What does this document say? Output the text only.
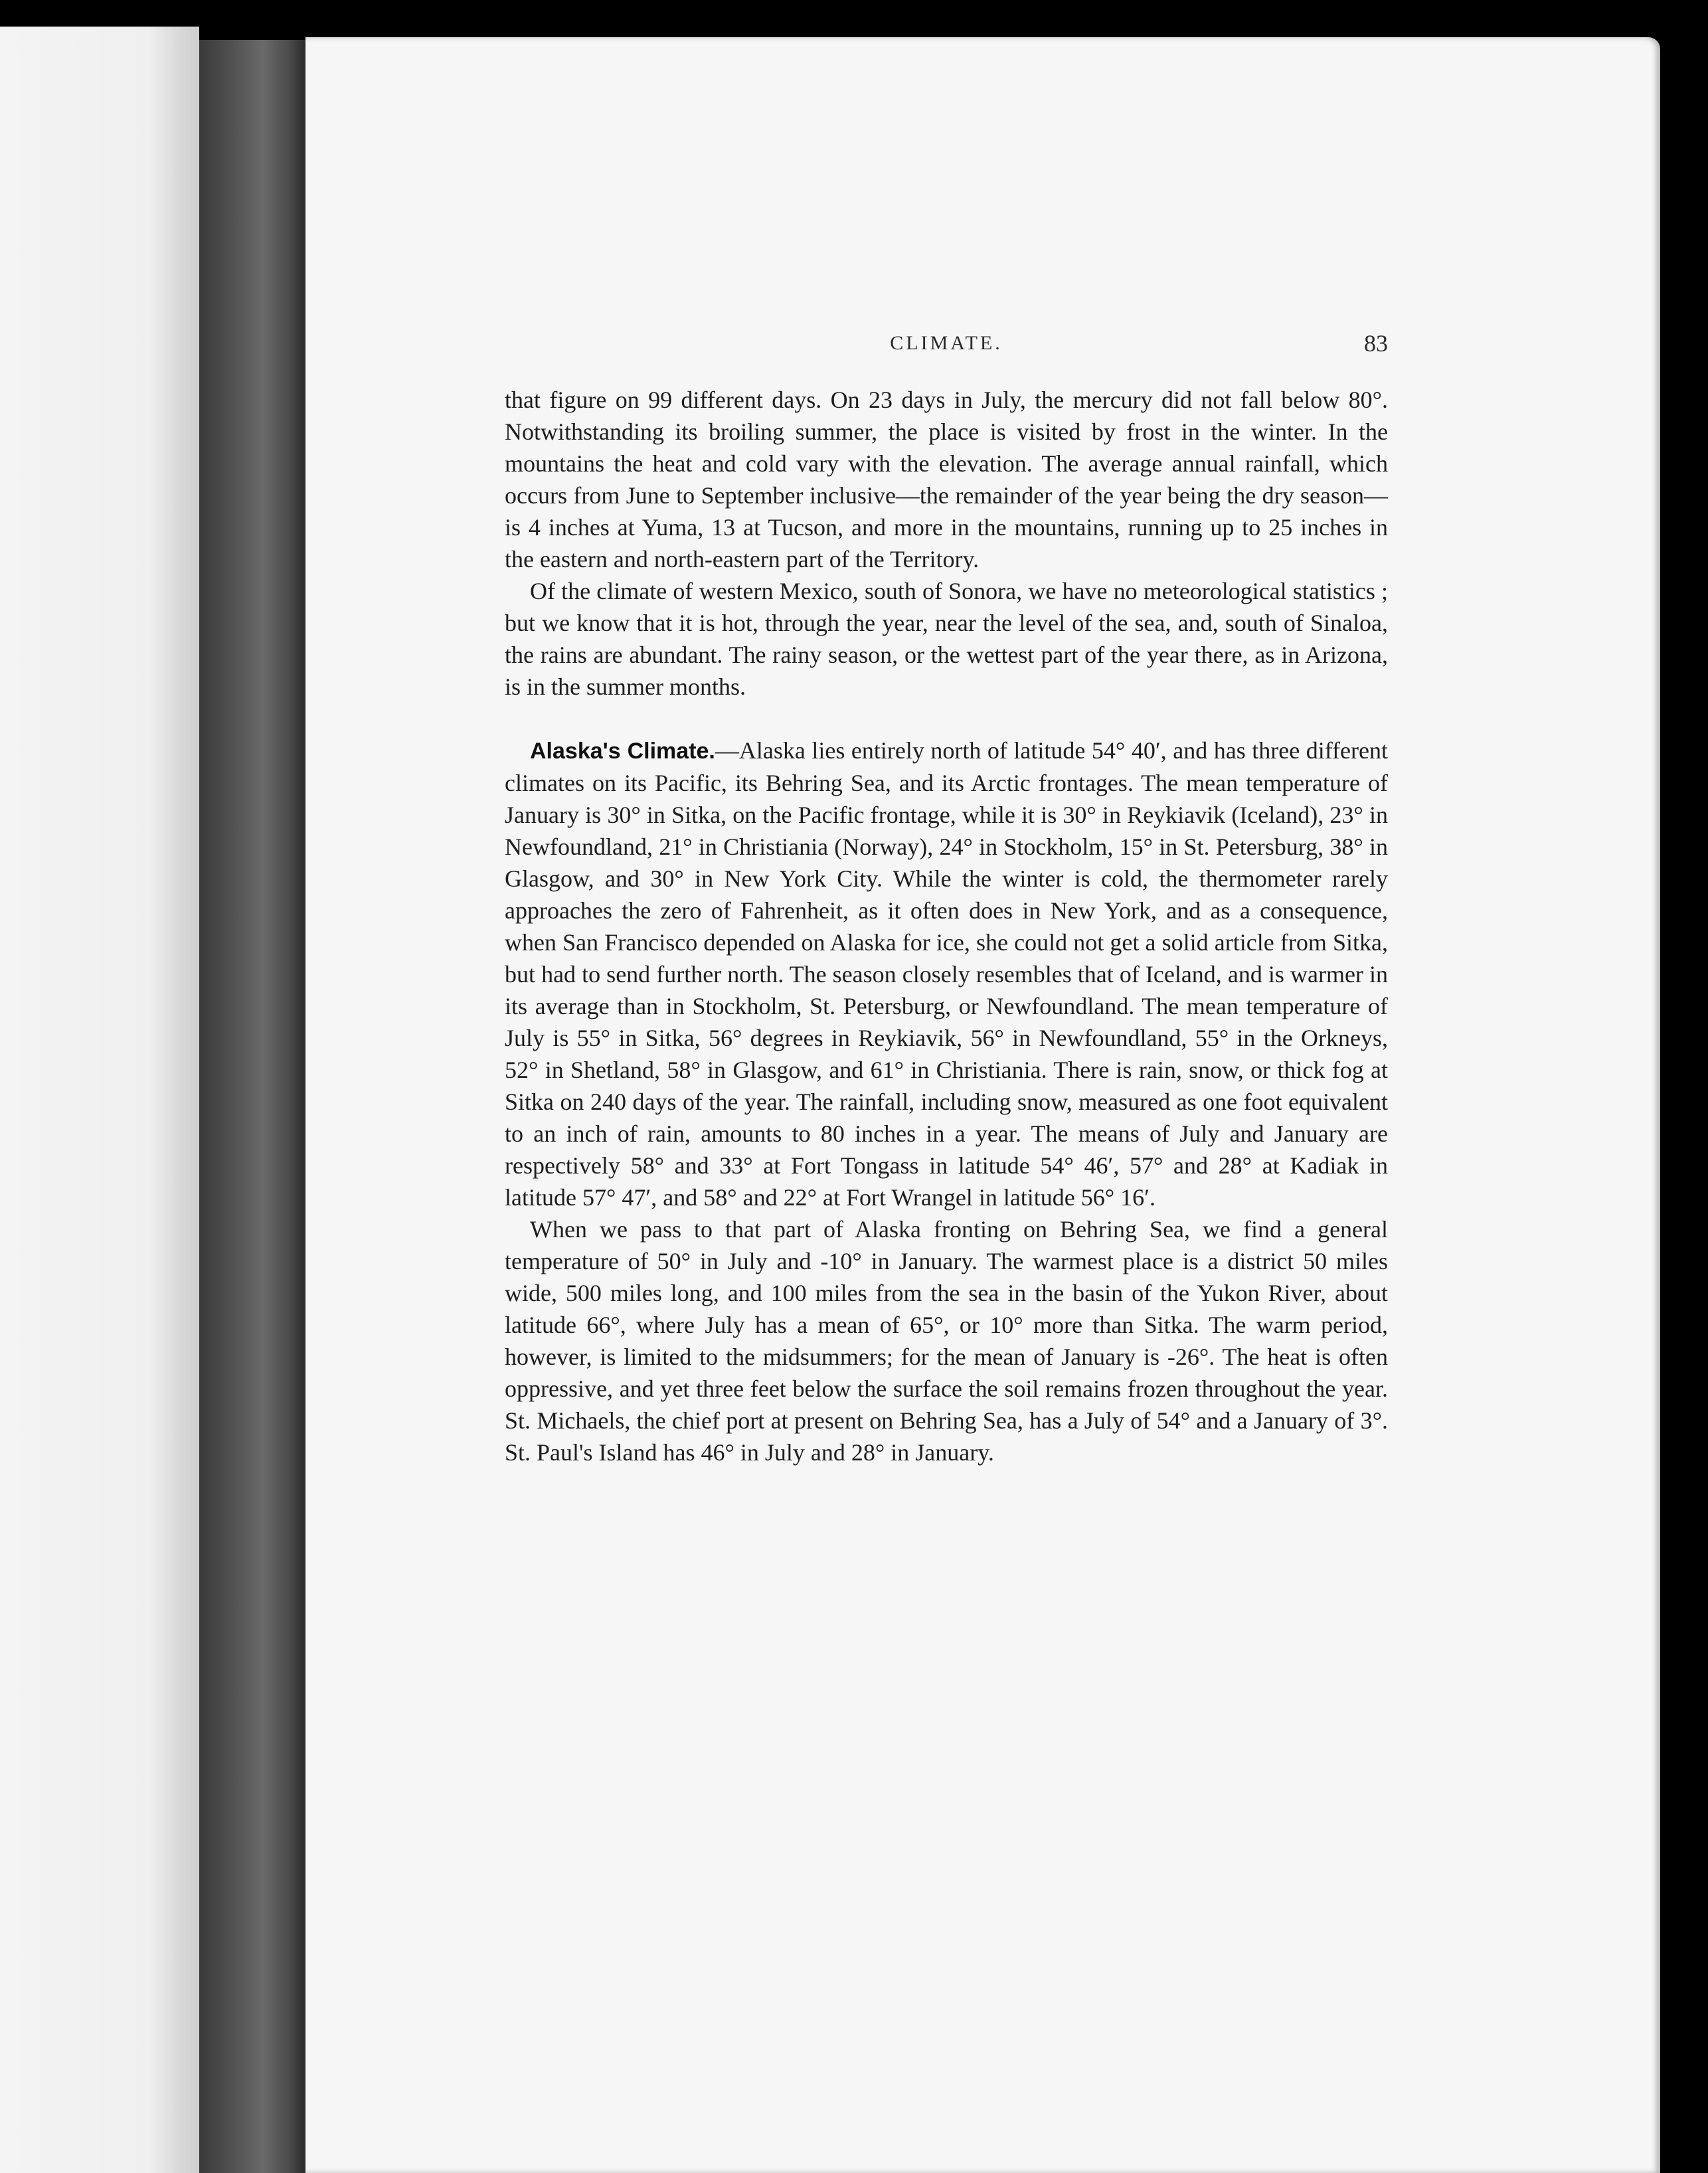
CLIMATE.	83

that figure on 99 different days. On 23 days in July, the mercury did not fall below 80°. Notwithstanding its broiling summer, the place is visited by frost in the winter. In the mountains the heat and cold vary with the elevation. The average annual rainfall, which occurs from June to September inclusive—the remainder of the year being the dry season—is 4 inches at Yuma, 13 at Tucson, and more in the mountains, running up to 25 inches in the eastern and north-eastern part of the Territory.

Of the climate of western Mexico, south of Sonora, we have no meteorological statistics ; but we know that it is hot, through the year, near the level of the sea, and, south of Sinaloa, the rains are abundant. The rainy season, or the wettest part of the year there, as in Arizona, is in the summer months.

Alaska's Climate.—Alaska lies entirely north of latitude 54° 40′, and has three different climates on its Pacific, its Behring Sea, and its Arctic frontages. The mean temperature of January is 30° in Sitka, on the Pacific frontage, while it is 30° in Reykiavik (Iceland), 23° in Newfoundland, 21° in Christiania (Norway), 24° in Stockholm, 15° in St. Petersburg, 38° in Glasgow, and 30° in New York City. While the winter is cold, the thermometer rarely approaches the zero of Fahrenheit, as it often does in New York, and as a consequence, when San Francisco depended on Alaska for ice, she could not get a solid article from Sitka, but had to send further north. The season closely resembles that of Iceland, and is warmer in its average than in Stockholm, St. Petersburg, or Newfoundland. The mean temperature of July is 55° in Sitka, 56° degrees in Reykiavik, 56° in Newfoundland, 55° in the Orkneys, 52° in Shetland, 58° in Glasgow, and 61° in Christiania. There is rain, snow, or thick fog at Sitka on 240 days of the year. The rainfall, including snow, measured as one foot equivalent to an inch of rain, amounts to 80 inches in a year. The means of July and January are respectively 58° and 33° at Fort Tongass in latitude 54° 46′, 57° and 28° at Kadiak in latitude 57° 47′, and 58° and 22° at Fort Wrangel in latitude 56° 16′.

When we pass to that part of Alaska fronting on Behring Sea, we find a general temperature of 50° in July and -10° in January. The warmest place is a district 50 miles wide, 500 miles long, and 100 miles from the sea in the basin of the Yukon River, about latitude 66°, where July has a mean of 65°, or 10° more than Sitka. The warm period, however, is limited to the midsummers; for the mean of January is -26°. The heat is often oppressive, and yet three feet below the surface the soil remains frozen throughout the year. St. Michaels, the chief port at present on Behring Sea, has a July of 54° and a January of 3°. St. Paul's Island has 46° in July and 28° in January.
